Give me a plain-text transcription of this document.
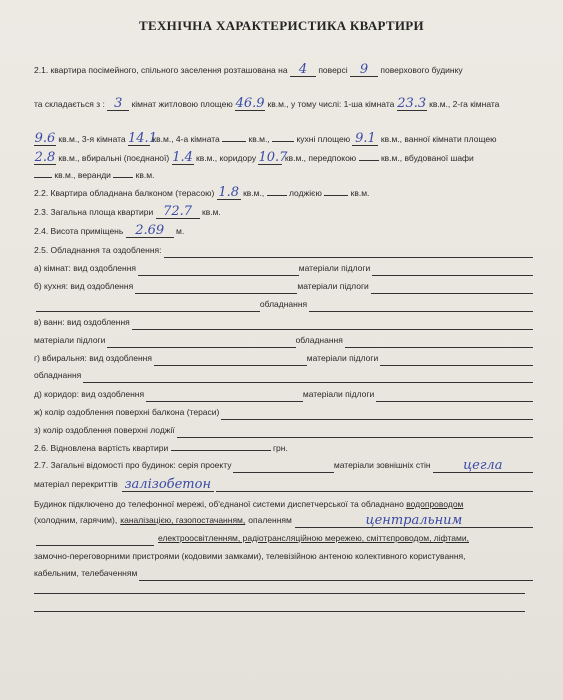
ТЕХНІЧНА ХАРАКТЕРИСТИКА КВАРТИРИ
2.1. квартира посімейного, спільного заселення розташована на 4 поверсі 9 поверхового будинку
та складається з : 3 кімнат житловою площею 46.9 кв.м., у тому числі: 1-ша кімната 23.3 кв.м., 2-га кімната
9.6 кв.м., 3-я кімната 14.1 кв.м., 4-а кімната	кв.м.,	кухні площею 9.1 кв.м., ванної кімнати площею
2.8 кв.м., вбиральні (поєднаної) 1.4 кв.м., коридору 10.7 кв.м., передпокою	кв.м., вбудованої шафи
кв.м., веранди	кв.м.
2.2. Квартира обладнана балконом (терасою) 1.8 кв.м.,	лоджією	кв.м.
2.3. Загальна площа квартири 72.7 кв.м.
2.4. Висота приміщень 2.69 м.
2.5. Обладнання та оздоблення:
а) кімнат: вид оздоблення	матеріали підлоги
б) кухня: вид оздоблення	матеріали підлоги
обладнання
в) ванн: вид оздоблення
матеріали підлоги	обладнання
г) вбиральня: вид оздоблення	матеріали підлоги
обладнання
д) коридор: вид оздоблення	матеріали підлоги
ж) колір оздоблення поверхні балкона (тераси)
з) колір оздоблення поверхні лоджії
2.6. Відновлена вартість квартири	грн.
2.7. Загальні відомості про будинок: серія проекту	матеріали зовнішніх стін	цегла
матеріал перекриттів залізобетон
Будинок підключено до телефонної мережі, об'єднаної системи диспетчерської та обладнано водопроводом
(холодним, гарячим), каналізацією, газопостачанням, опаленням	центральним
електроосвітленням, радіотрансляційною мережею, сміттєпроводом, ліфтами,
замочно-переговорними пристроями (кодовими замками), телевізійною антеною колективного користування,
кабельним, телебаченням
